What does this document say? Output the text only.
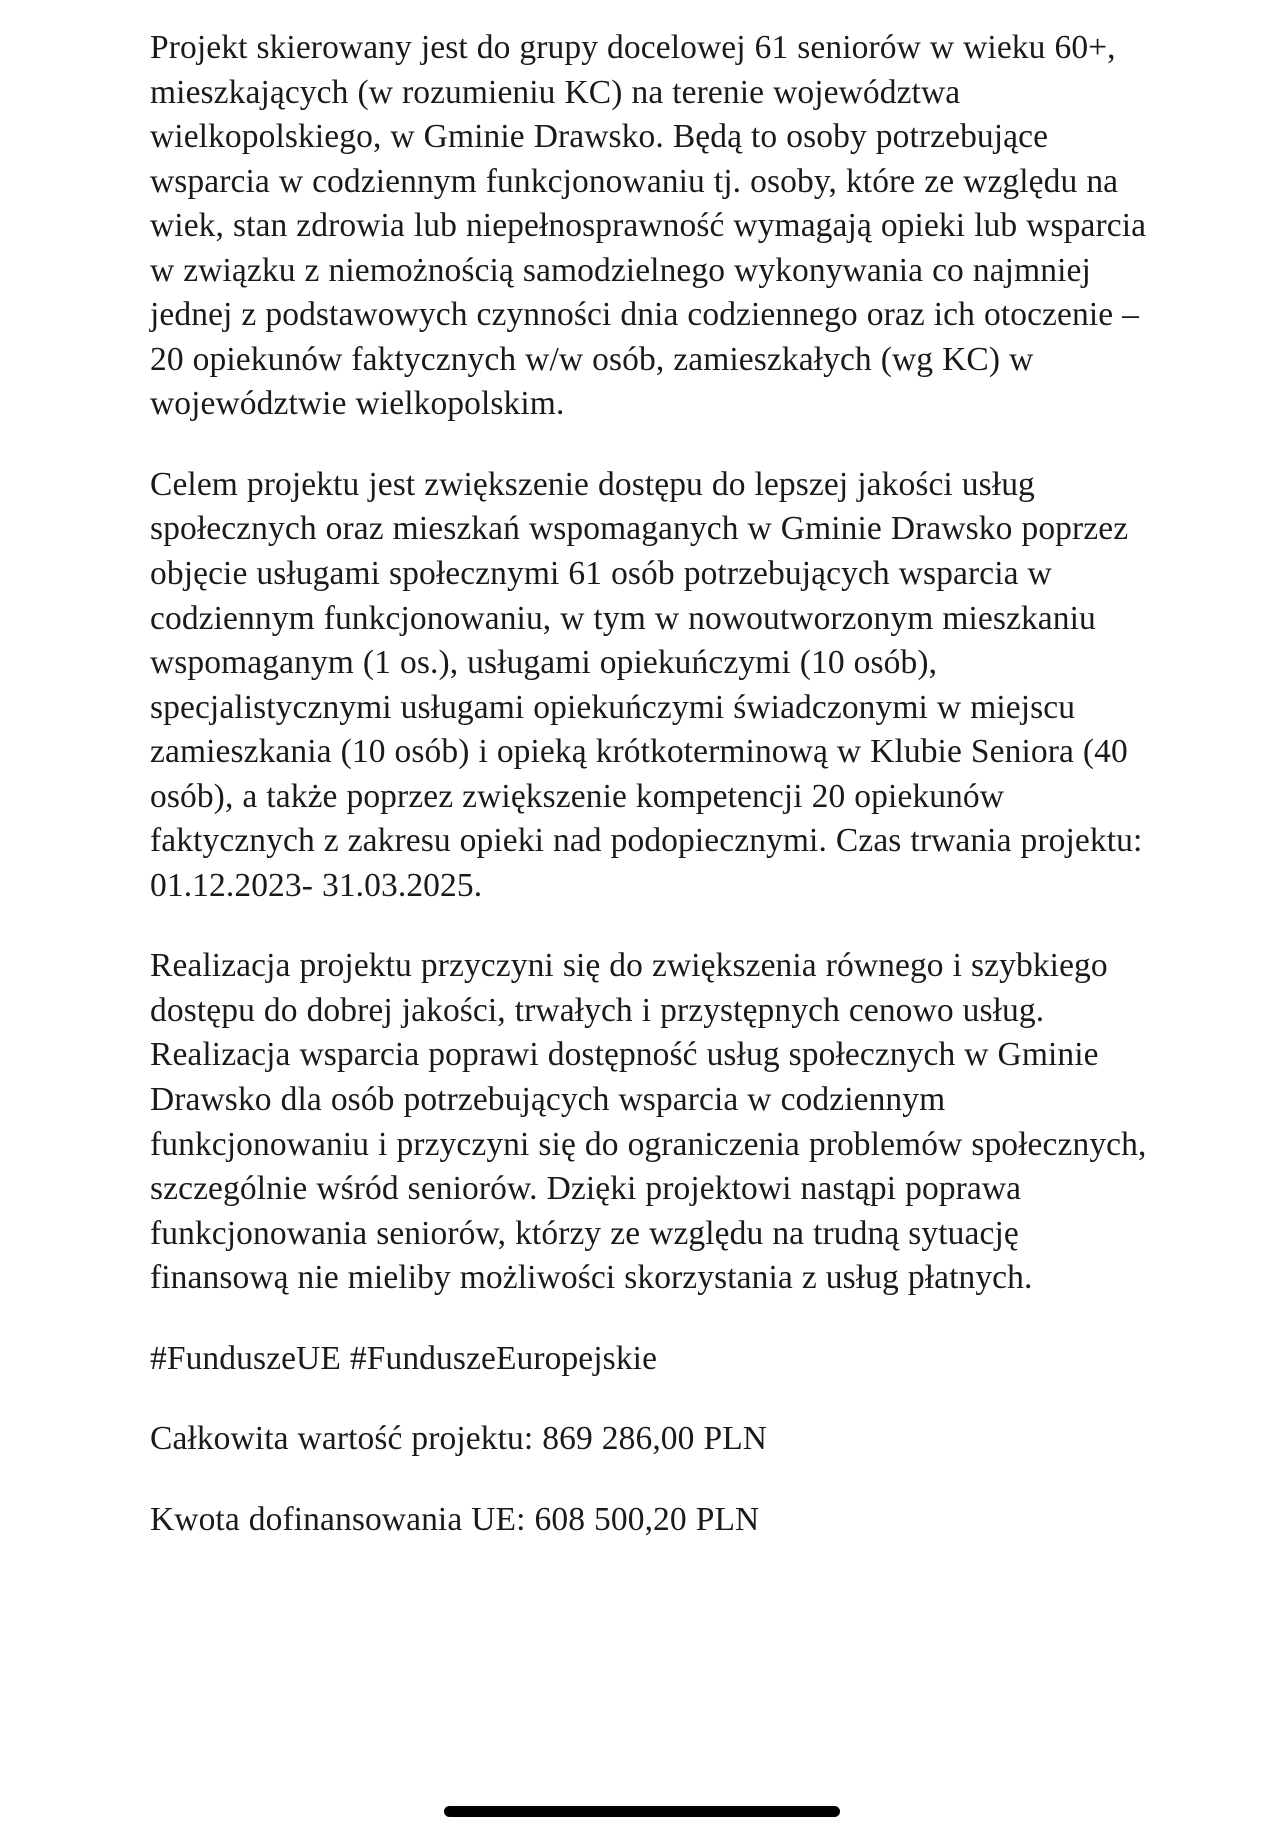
Projekt skierowany jest do grupy docelowej 61 seniorów w wieku 60+, mieszkających (w rozumieniu KC) na terenie województwa wielkopolskiego, w Gminie Drawsko. Będą to osoby potrzebujące wsparcia w codziennym funkcjonowaniu tj. osoby, które ze względu na wiek, stan zdrowia lub niepełnosprawność wymagają opieki lub wsparcia w związku z niemożnością samodzielnego wykonywania co najmniej jednej z podstawowych czynności dnia codziennego oraz ich otoczenie – 20 opiekunów faktycznych w/w osób, zamieszkałych (wg KC) w województwie wielkopolskim.

Celem projektu jest zwiększenie dostępu do lepszej jakości usług społecznych oraz mieszkań wspomaganych w Gminie Drawsko poprzez objęcie usługami społecznymi 61 osób potrzebujących wsparcia w codziennym funkcjonowaniu, w tym w nowoutworzonym mieszkaniu wspomaganym (1 os.), usługami opiekuńczymi (10 osób), specjalistycznymi usługami opiekuńczymi świadczonymi w miejscu zamieszkania (10 osób) i opieką krótkoterminową w Klubie Seniora (40 osób), a także poprzez zwiększenie kompetencji 20 opiekunów faktycznych z zakresu opieki nad podopiecznymi. Czas trwania projektu: 01.12.2023- 31.03.2025.

Realizacja projektu przyczyni się do zwiększenia równego i szybkiego dostępu do dobrej jakości, trwałych i przystępnych cenowo usług. Realizacja wsparcia poprawi dostępność usług społecznych w Gminie Drawsko dla osób potrzebujących wsparcia w codziennym funkcjonowaniu i przyczyni się do ograniczenia problemów społecznych, szczególnie wśród seniorów. Dzięki projektowi nastąpi poprawa funkcjonowania seniorów, którzy ze względu na trudną sytuację finansową nie mieliby możliwości skorzystania z usług płatnych.

#FunduszeUE #FunduszeEuropejskie

Całkowita wartość projektu: 869 286,00 PLN

Kwota dofinansowania UE: 608 500,20 PLN
